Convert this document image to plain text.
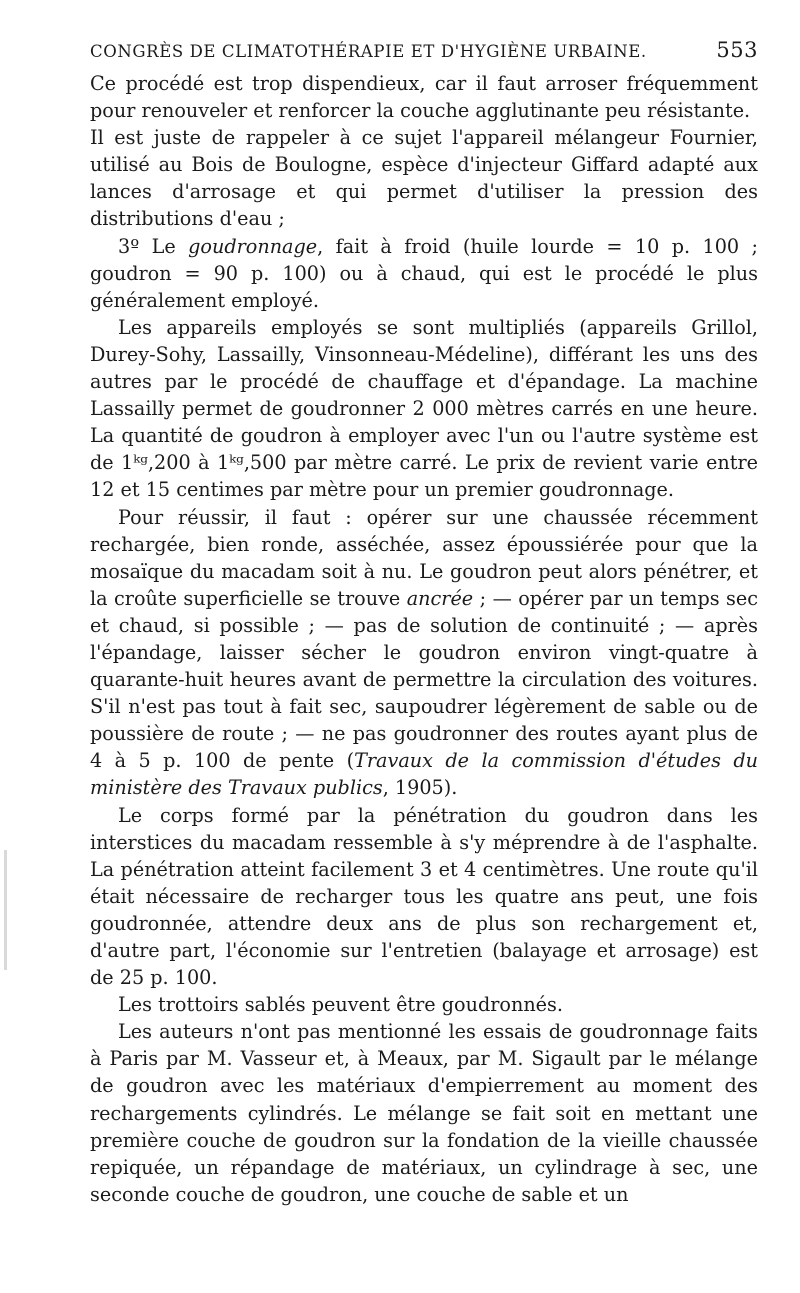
CONGRÈS DE CLIMATOTHÉRAPIE ET D'HYGIÈNE URBAINE.	553

Ce procédé est trop dispendieux, car il faut arroser fréquemment pour renouveler et renforcer la couche agglutinante peu résistante.

Il est juste de rappeler à ce sujet l'appareil mélangeur Fournier, utilisé au Bois de Boulogne, espèce d'injecteur Giffard adapté aux lances d'arrosage et qui permet d'utiliser la pression des distributions d'eau ;

3º Le goudronnage, fait à froid (huile lourde = 10 p. 100 ; goudron = 90 p. 100) ou à chaud, qui est le procédé le plus généralement employé.

Les appareils employés se sont multipliés (appareils Grillol, Durey-Sohy, Lassailly, Vinsonneau-Médeline), différant les uns des autres par le procédé de chauffage et d'épandage. La machine Lassailly permet de goudronner 2 000 mètres carrés en une heure. La quantité de goudron à employer avec l'un ou l'autre système est de 1ᵏᵍ,200 à 1ᵏᵍ,500 par mètre carré. Le prix de revient varie entre 12 et 15 centimes par mètre pour un premier goudronnage.

Pour réussir, il faut : opérer sur une chaussée récemment rechargée, bien ronde, asséchée, assez époussiérée pour que la mosaïque du macadam soit à nu. Le goudron peut alors pénétrer, et la croûte superficielle se trouve ancrée ; — opérer par un temps sec et chaud, si possible ; — pas de solution de continuité ; — après l'épandage, laisser sécher le goudron environ vingt-quatre à quarante-huit heures avant de permettre la circulation des voitures. S'il n'est pas tout à fait sec, saupoudrer légèrement de sable ou de poussière de route ; — ne pas goudronner des routes ayant plus de 4 à 5 p. 100 de pente (Travaux de la commission d'études du ministère des Travaux publics, 1905).

Le corps formé par la pénétration du goudron dans les interstices du macadam ressemble à s'y méprendre à de l'asphalte. La pénétration atteint facilement 3 et 4 centimètres. Une route qu'il était nécessaire de recharger tous les quatre ans peut, une fois goudronnée, attendre deux ans de plus son rechargement et, d'autre part, l'économie sur l'entretien (balayage et arrosage) est de 25 p. 100.

Les trottoirs sablés peuvent être goudronnés.

Les auteurs n'ont pas mentionné les essais de goudronnage faits à Paris par M. Vasseur et, à Meaux, par M. Sigault par le mélange de goudron avec les matériaux d'empierrement au moment des rechargements cylindrés. Le mélange se fait soit en mettant une première couche de goudron sur la fondation de la vieille chaussée repiquée, un répandage de matériaux, un cylindrage à sec, une seconde couche de goudron, une couche de sable et un
